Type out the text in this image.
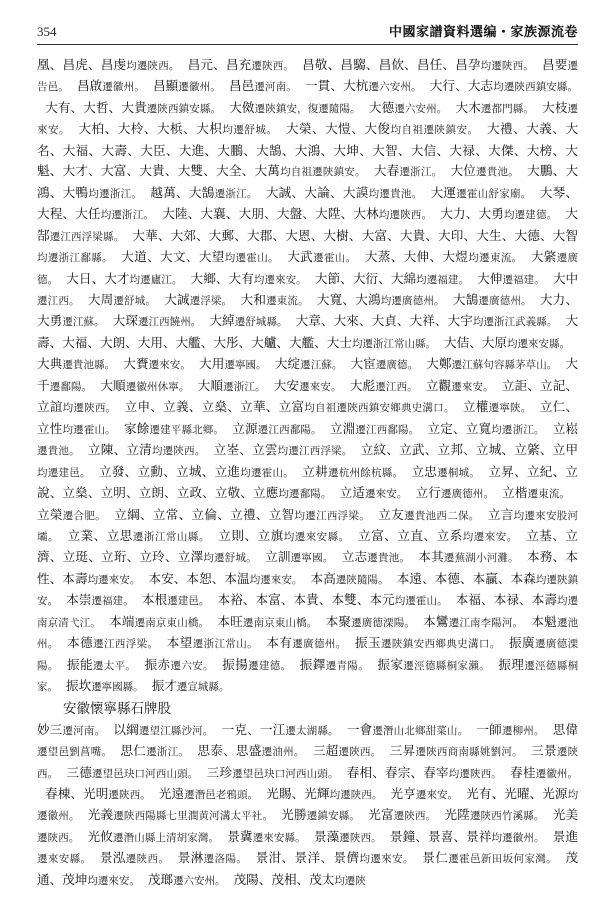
354	中國家譜資料選编・家族源流卷
凰、昌虎、昌虔均遷陝西。 昌元、昌充遷陝西。 昌敬、昌騶、昌佽、昌任、昌孕均遷陝西。 昌要遷告邑。 昌啟遷徽州。 昌顯遷徽州。 昌邑遷河南。 一貫、大杭遷六安州。 大行、大志均遷陝西鎮安縣。大有、大哲、大貴遷陝西鎮安縣。 大傚遷陝鎮安，復遷隨陽。 大德遷六安州。 大木遷都門縣。 大枝遷來安。 大柏、大柃、大梹、大枳均遷舒城。 大榮、大愷、大俊均自祖遷陝鎮安。 大禮、大義、大名、大福、大壽、大臣、大進、大鵬、大鵠、大鴻、大坤、大智、大信、大禄、大傑、大榜、大魁、大才、大富、大貴、大雙、大全、大萬均自祖遷陝鎮安。 大春遷浙江。 大位遷貴池。 大鵬、大鴻、大鴨均遷浙江。 越萬、大鵠遷浙江。 大誠、大論、大謨均遷貴池。 大運遷霍山舒家廟。 大琴、大程、大任均遷浙江。 大陸、大襄、大朋、大盤、大陞、大林均遷陝西。 大力、大勇均遷建德。 大郜遷江西浮梁縣。 大華、大郊、大郵、大郡、大恩、大樹、大富、大貴、大印、大生、大德、大智均遷浙江鄱縣。 大道、大文、大望均遷霍山。 大武遷霍山。 大蒸、大伸、大煜均遷東流。 大綮遷廣德。 大日、大才均遷廬江。 大鄉、大有均遷來安。 大節、大衍、大綿均遷福建。 大伸遷福建。 大中遷江西。 大周遷舒城。 大誠遷浮梁。 大和遷東流。 大寬、大鴻均遷廣德州。 大鵠遷廣德州。 大力、大勇遷江蘇。 大琛遷江西饒州。 大綽遷舒城縣。 大章、大來、大貞、大祥、大宇均遷浙江武義縣。 大壽、大福、大朗、大用、大艦、大彤、大艫、大艦、大士均遷浙江常山縣。 大佶、大原均遷來安縣。大典遷貴池縣。 大賚遷來安。 大用遷寧國。 大绽遷江蘇。 大宦遷廣德。 大鄭遷江蘇句容縣茅草山。 大千遷鄱陽。 大順遷徽州休寧。 大順遷浙江。 大安遷來安。 大彪遷江西。 立觀遷來安。 立詎、立記、立誼均遷陝西。 立申、立義、立燊、立華、立富均自祖遷陝西鎮安鄉典史溝口。 立權遷寧陝。 立仁、立性均遷霍山。 家餘遷建平縣北鄉。 立源遷江西鄱陽。 立淵遷江西鄱陽。 立定、立寬均遷浙江。 立崧遷貴池。 立陳、立清均遷陝西。 立峑、立雲均遷江西浮梁。 立紋、立武、立邦、立城、立綮、立甲均遷建邑。 立發、立勳、立城、立進均遷霍山。 立耕遷杭州餘杭縣。 立忠遷桐城。 立昇、立紀、立說、立燊、立明、立朗、立政、立敬、立應均遷鄱陽。 立适遷來安。 立行遷廣德州。 立楷遷東流。立榮遷合肥。 立綱、立常、立倫、立禮、立智均遷江西浮梁。 立友遷貴池西二保。 立言均遷來安股河壩。 立業、立思遷浙江常山縣。 立則、立旗均遷來安縣。 立富、立直、立系均遷來安。 立基、立濟、立珽、立珩、立玲、立澤均遷舒城。 立訓遷寧國。 立志遷貴池。 本其遷蕪湖小河灘。 本務、本性、本壽均遷來安。 本安、本恕、本温均遷來安。 本高遷陝隨陽。 本遠、本德、本贏、本森均遷陝鎮安。 本崇遷福建。 本根遷建邑。 本裕、本富、本貴、本雙、本元均遷霍山。 本福、本禄、本壽均遷南京清弋江。 本端遷南京東山橋。 本旺遷南京東山橋。 本聚遷廣德溧陽。 本鸞遷江南李陽河。 本魁遷池州。 本德遷江西浮梁。 本望遷浙江常山。 本有遷廣德州。 振玉遷陝鎮安西鄉典史溝口。 振廣遷廣德溧陽。 振能遷太平。 振赤遷六安。 振揚遷建德。 振鐸遷青陽。 振家遷涇德縣桐家瀨。 振理遷涇德縣桐家。 振坎遷寧國縣。 振才遷宣城縣。

安徽懷寧縣石牌股

妙三遷河南。 以綱遷望江縣沙河。 一克、一江遷太湖縣。 一會遷潛山北鄉甜菜山。 一師遷柳州。 思偉遷望邑劉菖嘴。 思仁遷浙江。 思泰、思盛遷油州。 三超遷陝西。 三昇遷陝西商南縣姚劉河。 三景遷陝西。 三德遷望邑玦口河西山頭。 三珍遷望邑玦口河西山頭。 春相、春宗、春宰均遷陝西。 春桂遷徽州。春棟、光明遷陝西。 光遠遷潛邑老鴉頭。 光賜、光輝均遷陝西。 光亨遷來安。 光有、光曜、光源均遷徽州。 光義遷陝西陽縣七里潤黄河溝太平社。 光勝遷鎮安縣。 光富遷陝西。 光陞遷陝西竹溪縣。 光美遷陝西。 光攸遷潛山縣上清胡家灣。 景冀遷來安縣。 景藻遷陝西。 景鐘、景喜、景祥均遷徽州。 景進遷來安縣。 景泓遷陝西。 景淋遷洛陽。 景泔、景洋、景儕均遷來安。 景仁遷霍邑新田坂何家灣。 茂通、茂坤均遷來安。 茂瑯遷六安州。 茂陽、茂相、茂太均遷陝
